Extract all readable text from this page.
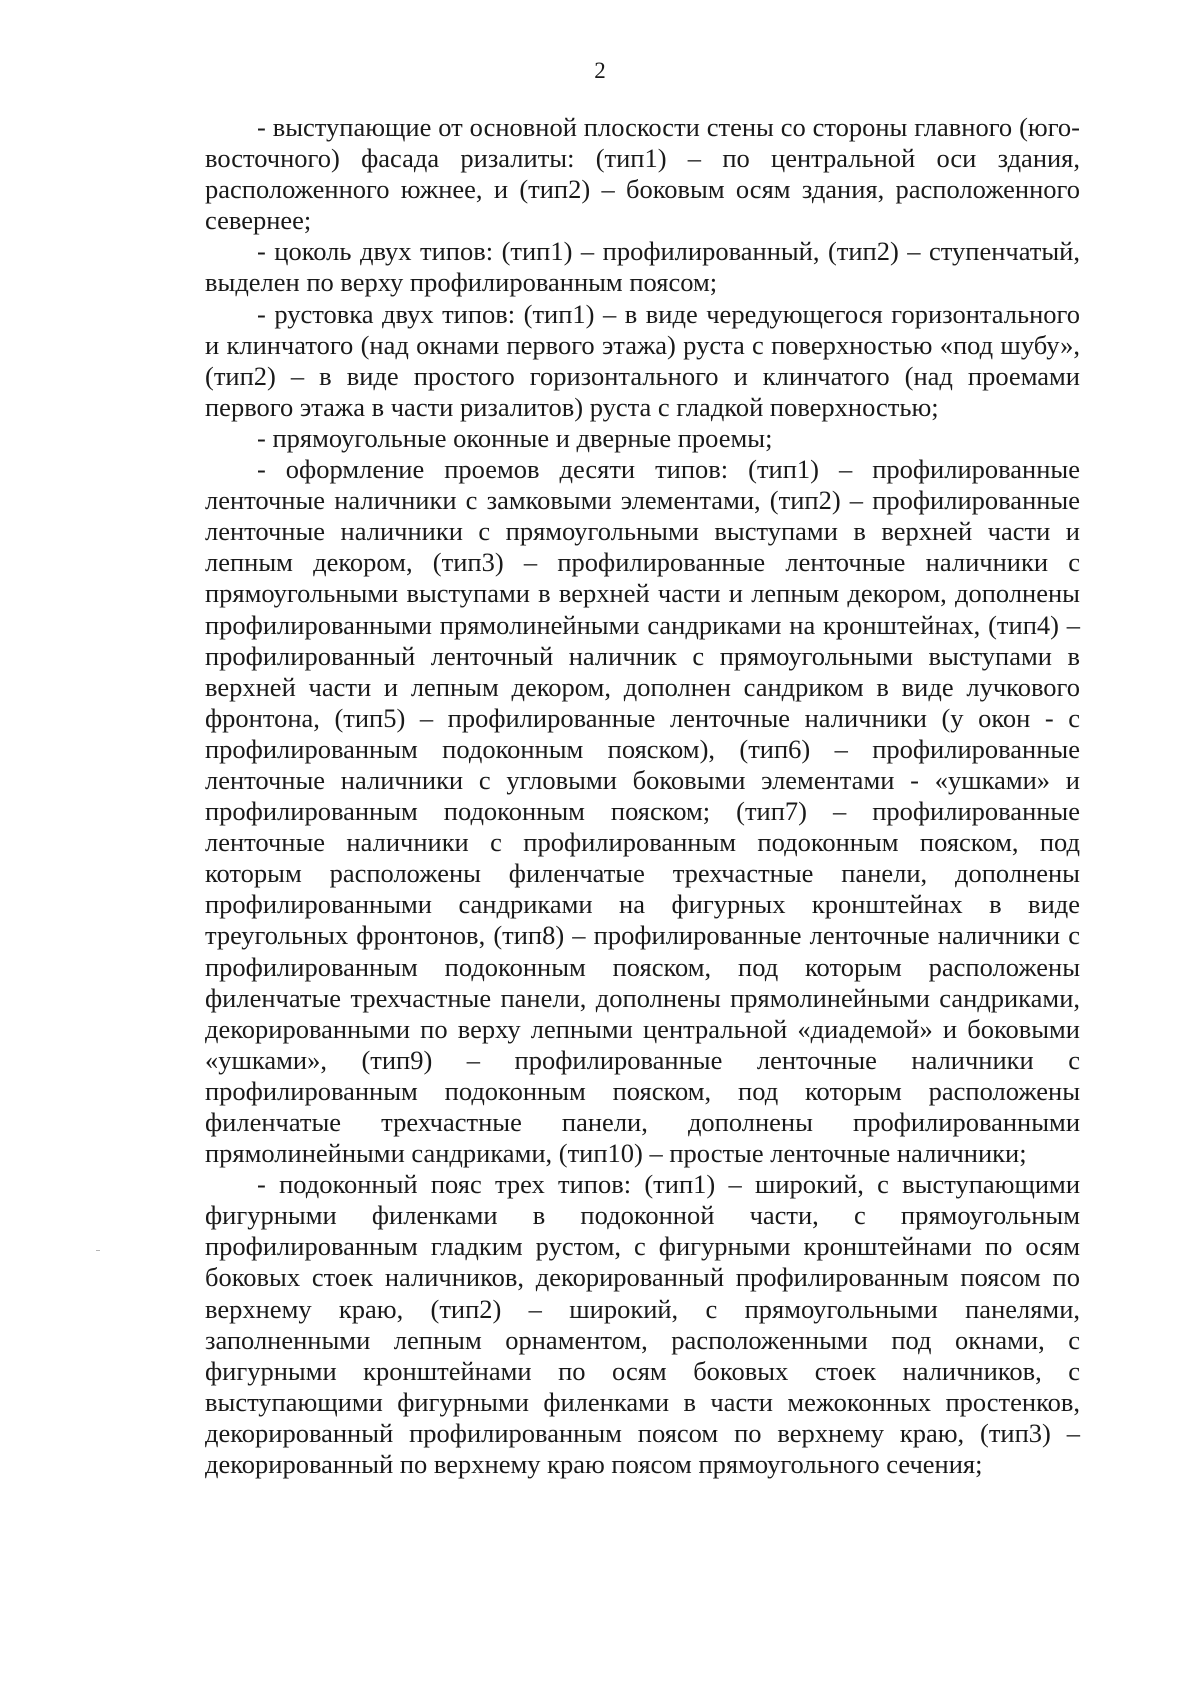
2

- выступающие от основной плоскости стены со стороны главного (юго-восточного) фасада ризалиты: (тип1) – по центральной оси здания, расположенного южнее, и (тип2) – боковым осям здания, расположенного севернее;

- цоколь двух типов: (тип1) – профилированный, (тип2) – ступенчатый, выделен по верху профилированным поясом;

- рустовка двух типов: (тип1) – в виде чередующегося горизонтального и клинчатого (над окнами первого этажа) руста с поверхностью «под шубу», (тип2) – в виде простого горизонтального и клинчатого (над проемами первого этажа в части ризалитов) руста с гладкой поверхностью;

- прямоугольные оконные и дверные проемы;

- оформление проемов десяти типов: (тип1) – профилированные ленточные наличники с замковыми элементами, (тип2) – профилированные ленточные наличники с прямоугольными выступами в верхней части и лепным декором, (тип3) – профилированные ленточные наличники с прямоугольными выступами в верхней части и лепным декором, дополнены профилированными прямолинейными сандриками на кронштейнах, (тип4) – профилированный ленточный наличник с прямоугольными выступами в верхней части и лепным декором, дополнен сандриком в виде лучкового фронтона, (тип5) – профилированные ленточные наличники (у окон - с профилированным подоконным пояском), (тип6) – профилированные ленточные наличники с угловыми боковыми элементами - «ушками» и профилированным подоконным пояском; (тип7) – профилированные ленточные наличники с профилированным подоконным пояском, под которым расположены филенчатые трехчастные панели, дополнены профилированными сандриками на фигурных кронштейнах в виде треугольных фронтонов, (тип8) – профилированные ленточные наличники с профилированным подоконным пояском, под которым расположены филенчатые трехчастные панели, дополнены прямолинейными сандриками, декорированными по верху лепными центральной «диадемой» и боковыми «ушками», (тип9) – профилированные ленточные наличники с профилированным подоконным пояском, под которым расположены филенчатые трехчастные панели, дополнены профилированными прямолинейными сандриками, (тип10) – простые ленточные наличники;

- подоконный пояс трех типов: (тип1) – широкий, с выступающими фигурными филенками в подоконной части, с прямоугольным профилированным гладким рустом, с фигурными кронштейнами по осям боковых стоек наличников, декорированный профилированным поясом по верхнему краю, (тип2) – широкий, с прямоугольными панелями, заполненными лепным орнаментом, расположенными под окнами, с фигурными кронштейнами по осям боковых стоек наличников, с выступающими фигурными филенками в части межоконных простенков, декорированный профилированным поясом по верхнему краю, (тип3) – декорированный по верхнему краю поясом прямоугольного сечения;
